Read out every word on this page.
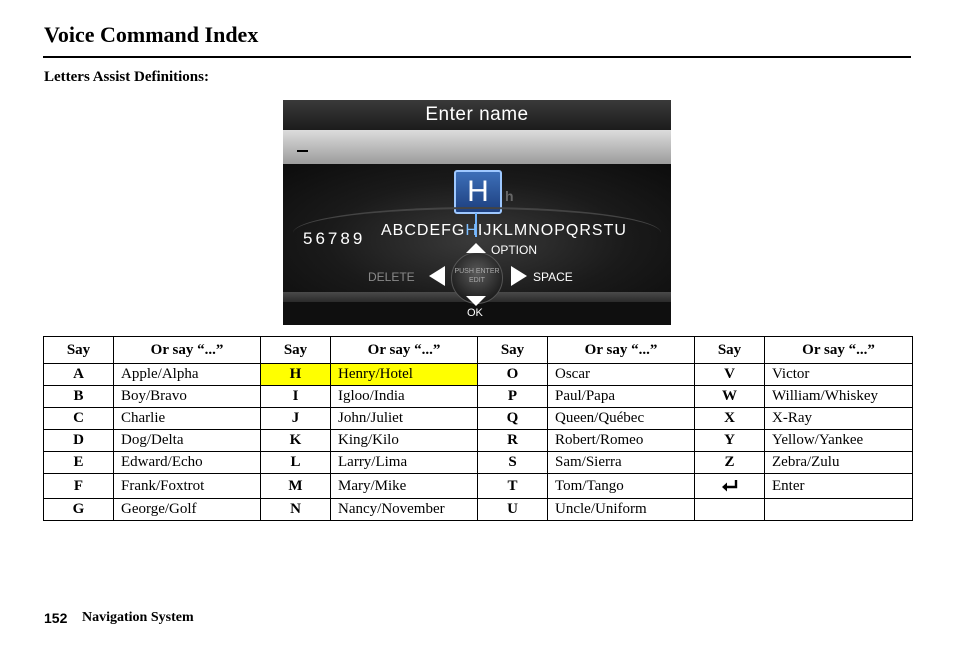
Voice Command Index
Letters Assist Definitions:
Enter name
H	h
56789 ABCDEFGHIJKLMNOPQRSTU
PUSH ENTER EDIT
OPTION
DELETE	SPACE
OK
Say	Or say “...”	Say	Or say “...”	Say	Or say “...”	Say	Or say “...”
A	Apple/Alpha	H	Henry/Hotel	O	Oscar	V	Victor
B	Boy/Bravo	I	Igloo/India	P	Paul/Papa	W	William/Whiskey
C	Charlie	J	John/Juliet	Q	Queen/Québec	X	X-Ray
D	Dog/Delta	K	King/Kilo	R	Robert/Romeo	Y	Yellow/Yankee
E	Edward/Echo	L	Larry/Lima	S	Sam/Sierra	Z	Zebra/Zulu
F	Frank/Foxtrot	M	Mary/Mike	T	Tom/Tango		Enter
G	George/Golf	N	Nancy/November	U	Uncle/Uniform		
152 Navigation System
